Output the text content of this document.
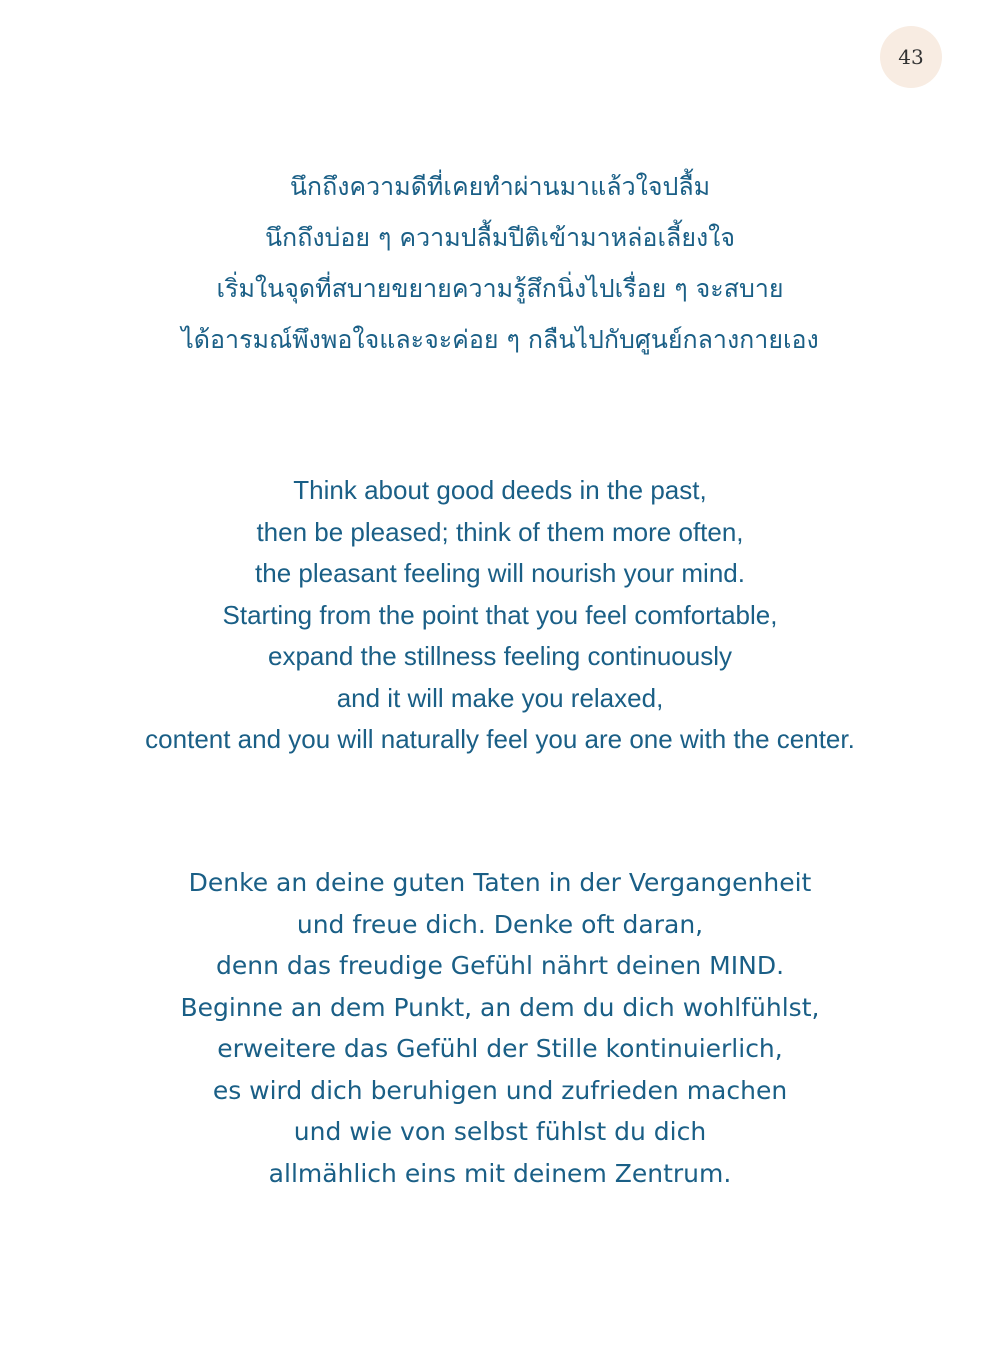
43
นึกถึงความดีที่เคยทำผ่านมาแล้วใจปลื้ม
นึกถึงบ่อย ๆ ความปลื้มปีติเข้ามาหล่อเลี้ยงใจ
เริ่มในจุดที่สบายขยายความรู้สึกนิ่งไปเรื่อย ๆ จะสบาย
ได้อารมณ์พึงพอใจและจะค่อย ๆ กลืนไปกับศูนย์กลางกายเอง
Think about good deeds in the past,
then be pleased; think of them more often,
the pleasant feeling will nourish your mind.
Starting from the point that you feel comfortable,
expand the stillness feeling continuously
and it will make you relaxed,
content and you will naturally feel you are one with the center.
Denke an deine guten Taten in der Vergangenheit
und freue dich. Denke oft daran,
denn das freudige Gefühl nährt deinen MIND.
Beginne an dem Punkt, an dem du dich wohlfühlst,
erweitere das Gefühl der Stille kontinuierlich,
es wird dich beruhigen und zufrieden machen
und wie von selbst fühlst du dich
allmählich eins mit deinem Zentrum.
